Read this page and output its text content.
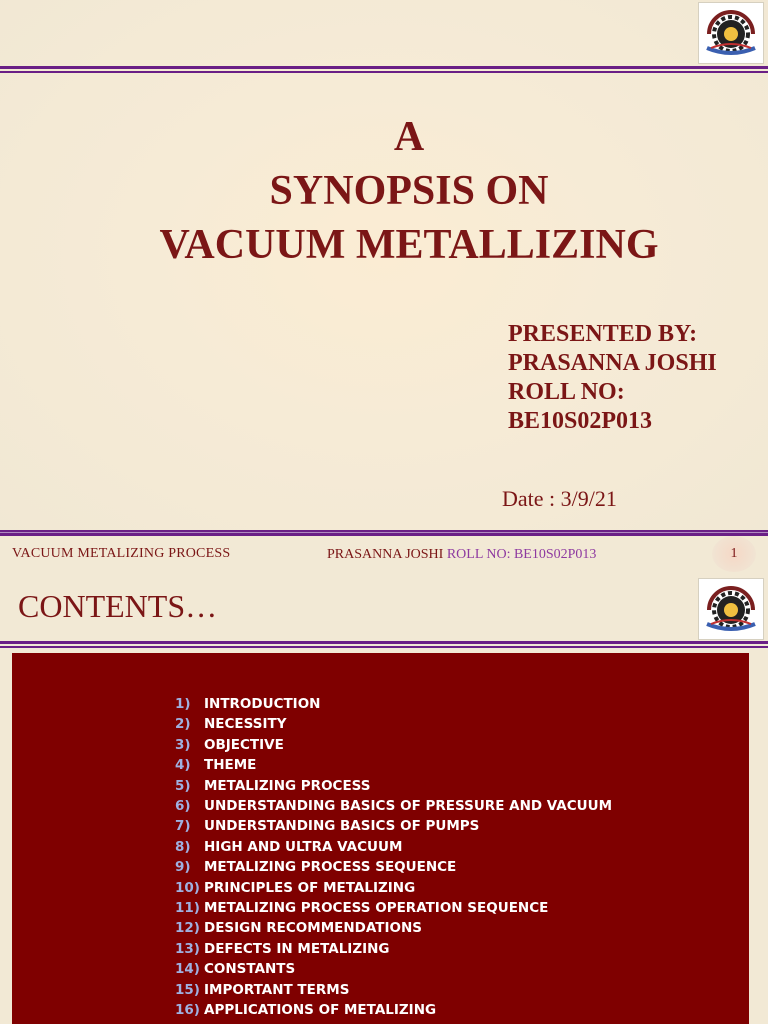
A
SYNOPSIS ON
VACUUM METALLIZING
PRESENTED BY:
PRASANNA JOSHI
ROLL NO:
BE10S02P013
Date : 3/9/21
VACUUM METALIZING PROCESS	PRASANNA JOSHI ROLL NO: BE10S02P013	1
CONTENTS…
1) INTRODUCTION
2) NECESSITY
3) OBJECTIVE
4) THEME
5) METALIZING PROCESS
6) UNDERSTANDING BASICS OF PRESSURE AND VACUUM
7) UNDERSTANDING BASICS OF PUMPS
8) HIGH AND ULTRA VACUUM
9) METALIZING PROCESS SEQUENCE
10) PRINCIPLES OF METALIZING
11) METALIZING PROCESS OPERATION SEQUENCE
12) DESIGN RECOMMENDATIONS
13) DEFECTS IN METALIZING
14) CONSTANTS
15) IMPORTANT TERMS
16) APPLICATIONS OF METALIZING
